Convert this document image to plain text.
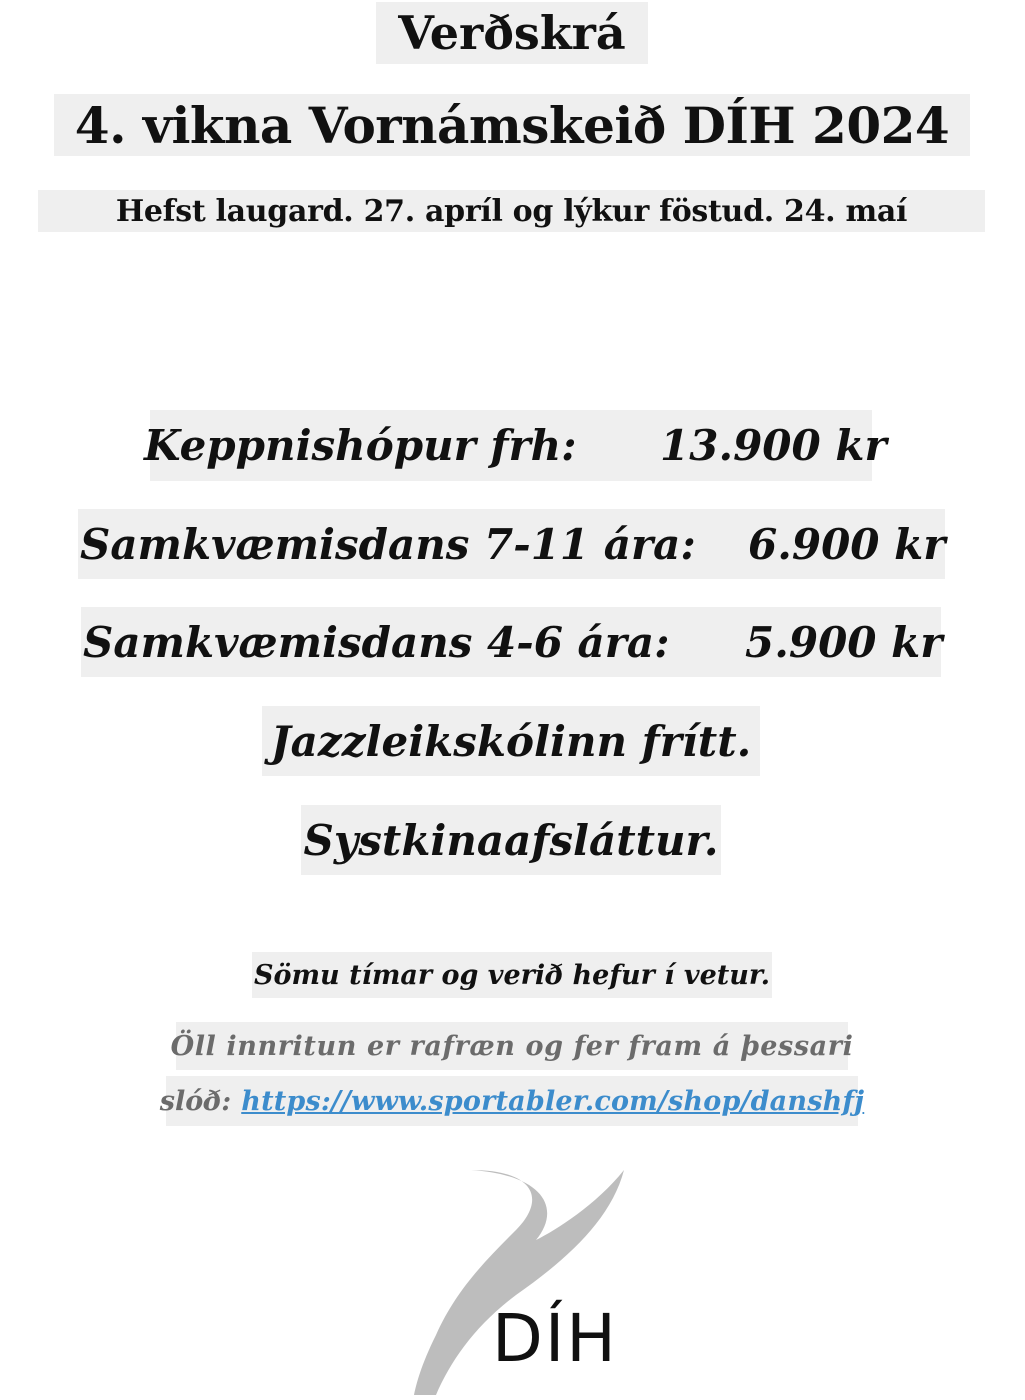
Verðskrá
4. vikna Vornámskeið DÍH 2024
Hefst laugard. 27. apríl og lýkur föstud. 24. maí
Keppnishópur frh: 13.900 kr
Samkvæmisdans 7-11 ára: 6.900 kr
Samkvæmisdans 4-6 ára: 5.900 kr
Jazzleikskólinn frítt.
Systkinaafsláttur.
Sömu tímar og verið hefur í vetur.
Öll innritun er rafræn og fer fram á þessari
slóð: https://www.sportabler.com/shop/danshfj
DÍH
